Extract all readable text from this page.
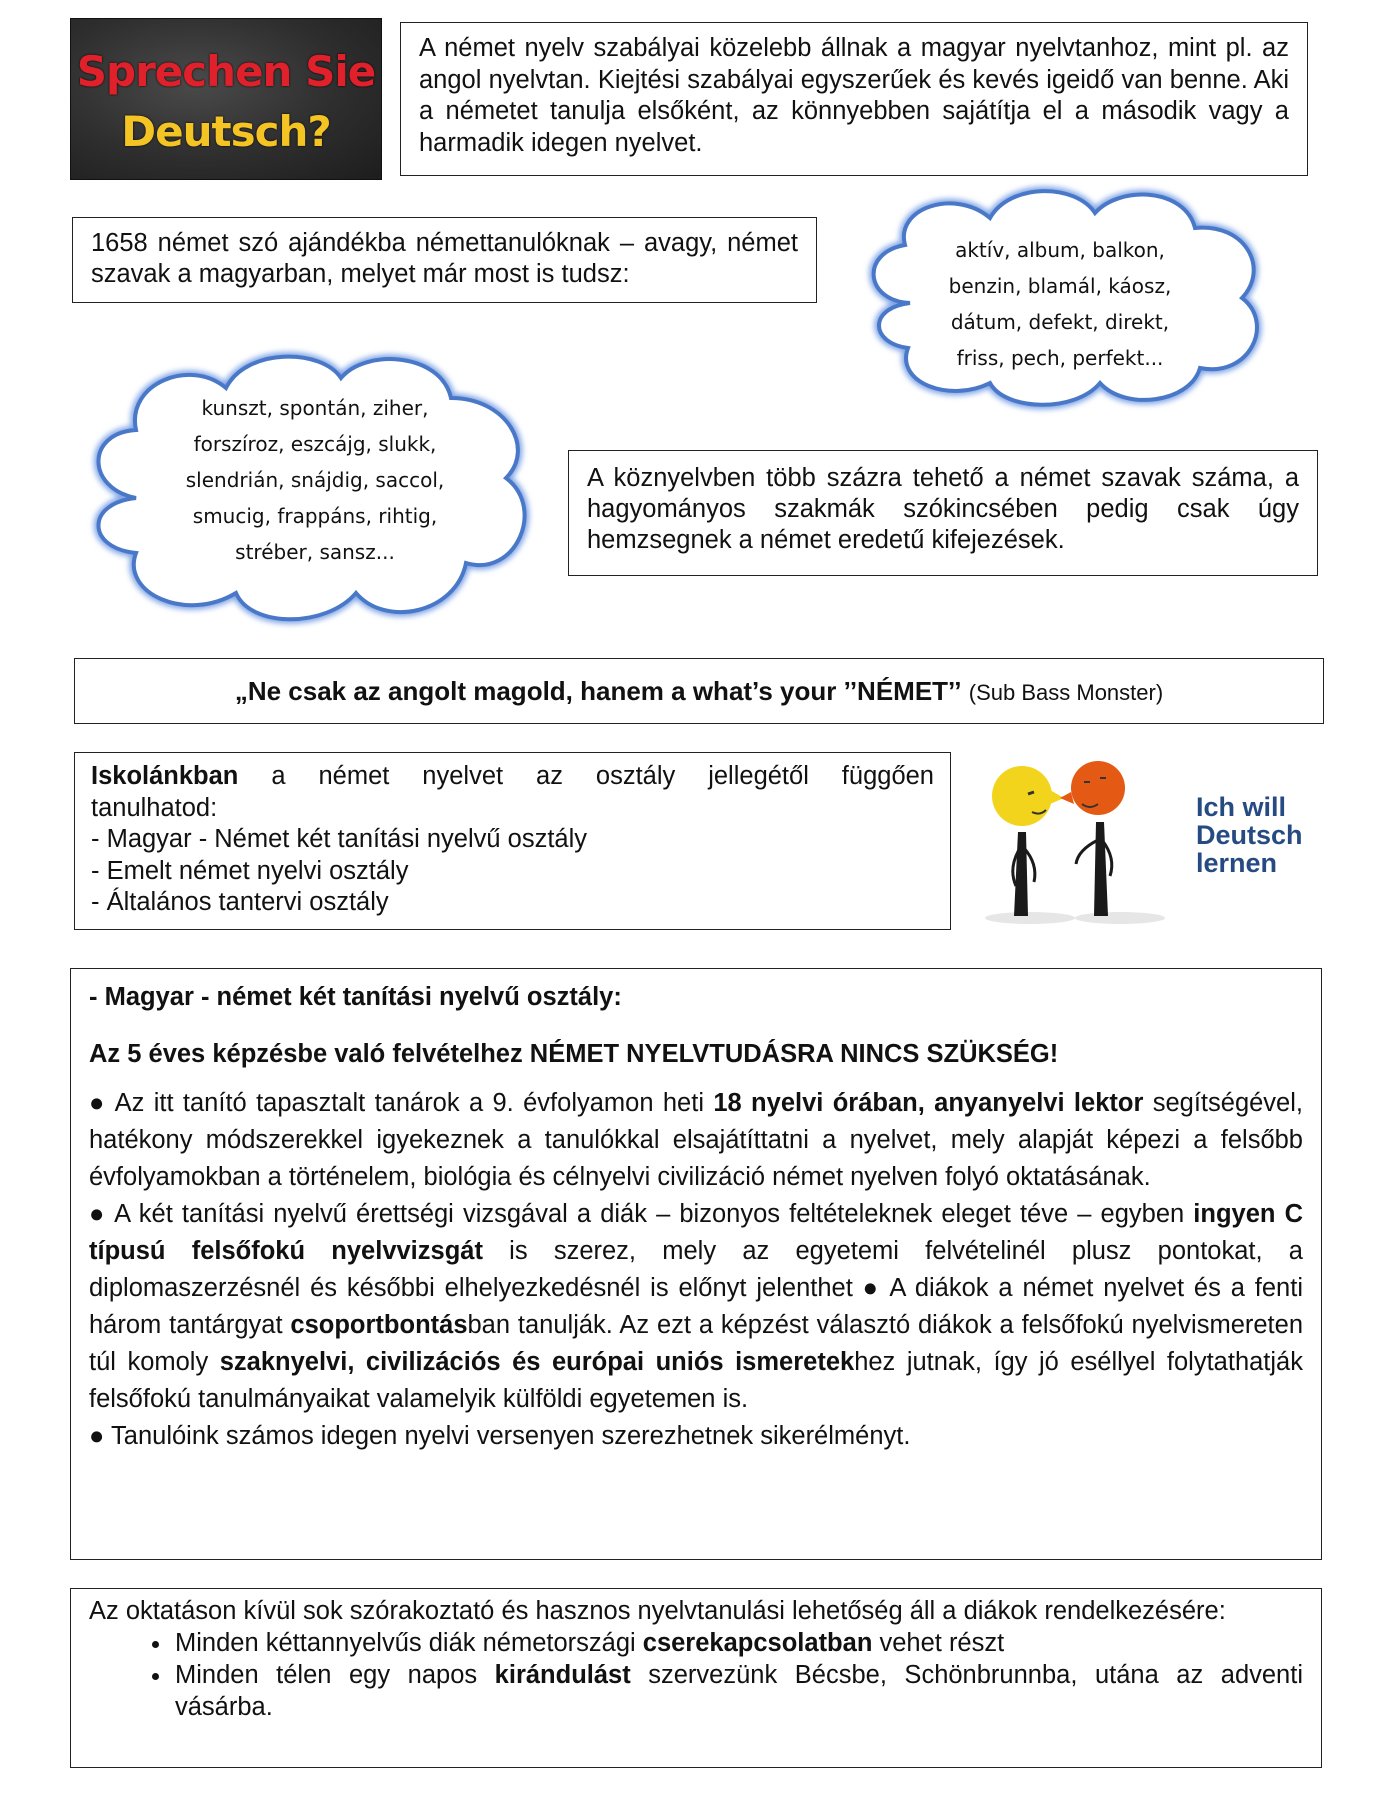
Sprechen Sie
Deutsch?
A német nyelv szabályai közelebb állnak a magyar nyelvtanhoz, mint pl. az angol nyelvtan. Kiejtési szabályai egyszerűek és kevés igeidő van benne. Aki a németet tanulja elsőként, az könnyebben sajátítja el a második vagy a harmadik idegen nyelvet.
1658 német szó ajándékba némettanulóknak – avagy, német szavak a magyarban, melyet már most is tudsz:
aktív, album, balkon,
benzin, blamál, káosz,
dátum, defekt, direkt,
friss, pech, perfekt...
kunszt, spontán, ziher,
forszíroz, eszcájg, slukk,
slendrián, snájdig, saccol,
smucig, frappáns, rihtig,
stréber, sansz...
A köznyelvben több százra tehető a német szavak száma, a hagyományos szakmák szókincsében pedig csak úgy hemzsegnek a német eredetű kifejezések.
„Ne csak az angolt magold, hanem a what’s your ’’NÉMET’’ (Sub Bass Monster)
Iskolánkban a német nyelvet az osztály jellegétől függően
tanulhatod:
- Magyar - Német két tanítási nyelvű osztály
- Emelt német nyelvi osztály
- Általános tantervi osztály
Ich will
Deutsch
lernen

- Magyar - német két tanítási nyelvű osztály:

Az 5 éves képzésbe való felvételhez NÉMET NYELVTUDÁSRA NINCS SZÜKSÉG!

● Az itt tanító tapasztalt tanárok a 9. évfolyamon heti 18 nyelvi órában, anyanyelvi lektor segítségével, hatékony módszerekkel igyekeznek a tanulókkal elsajátíttatni a nyelvet, mely alapját képezi a felsőbb évfolyamokban a történelem, biológia és célnyelvi civilizáció német nyelven folyó oktatásának.

● A két tanítási nyelvű érettségi vizsgával a diák – bizonyos feltételeknek eleget téve – egyben ingyen C típusú felsőfokú nyelvvizsgát is szerez, mely az egyetemi felvételinél plusz pontokat, a diplomaszerzésnél és későbbi elhelyezkedésnél is előnyt jelenthet ● A diákok a német nyelvet és a fenti három tantárgyat csoportbontásban tanulják. Az ezt a képzést választó diákok a felsőfokú nyelvismereten túl komoly szaknyelvi, civilizációs és európai uniós ismeretekhez jutnak, így jó eséllyel folytathatják felsőfokú tanulmányaikat valamelyik külföldi egyetemen is.

● Tanulóink számos idegen nyelvi versenyen szerezhetnek sikerélményt.

Az oktatáson kívül sok szórakoztató és hasznos nyelvtanulási lehetőség áll a diákok rendelkezésére:
• Minden kéttannyelvűs diák németországi cserekapcsolatban vehet részt
• Minden télen egy napos kirándulást szervezünk Bécsbe, Schönbrunnba, utána az adventi vásárba.
